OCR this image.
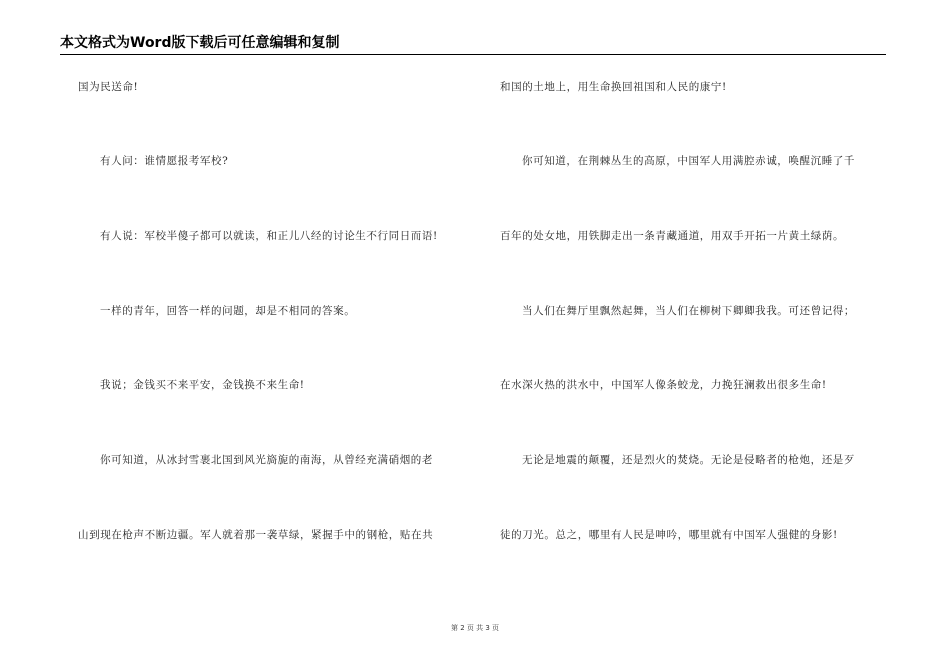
本文格式为Word版下载后可任意编辑和复制
国为民送命!
有人问：谁情愿报考军校?
有人说：军校半傻子都可以就读，和正儿八经的讨论生不行同日而语!
一样的青年，回答一样的问题，却是不相同的答案。
我说；金钱买不来平安，金钱换不来生命!
你可知道，从冰封雪裹北国到风光旖旎的南海，从曾经充满硝烟的老
山到现在枪声不断边疆。军人就着那一袭草绿，紧握手中的钢枪，贴在共
和国的土地上，用生命换回祖国和人民的康宁!
你可知道，在荆棘丛生的高原，中国军人用满腔赤诚，唤醒沉睡了千
百年的处女地，用铁脚走出一条青藏通道，用双手开拓一片黄土绿荫。
当人们在舞厅里飘然起舞，当人们在柳树下卿卿我我。可还曾记得；
在水深火热的洪水中，中国军人像条蛟龙，力挽狂澜救出很多生命!
无论是地震的颠覆，还是烈火的焚烧。无论是侵略者的枪炮，还是歹
徒的刀光。总之，哪里有人民是呻吟，哪里就有中国军人强健的身影!
第 2 页 共 3 页
